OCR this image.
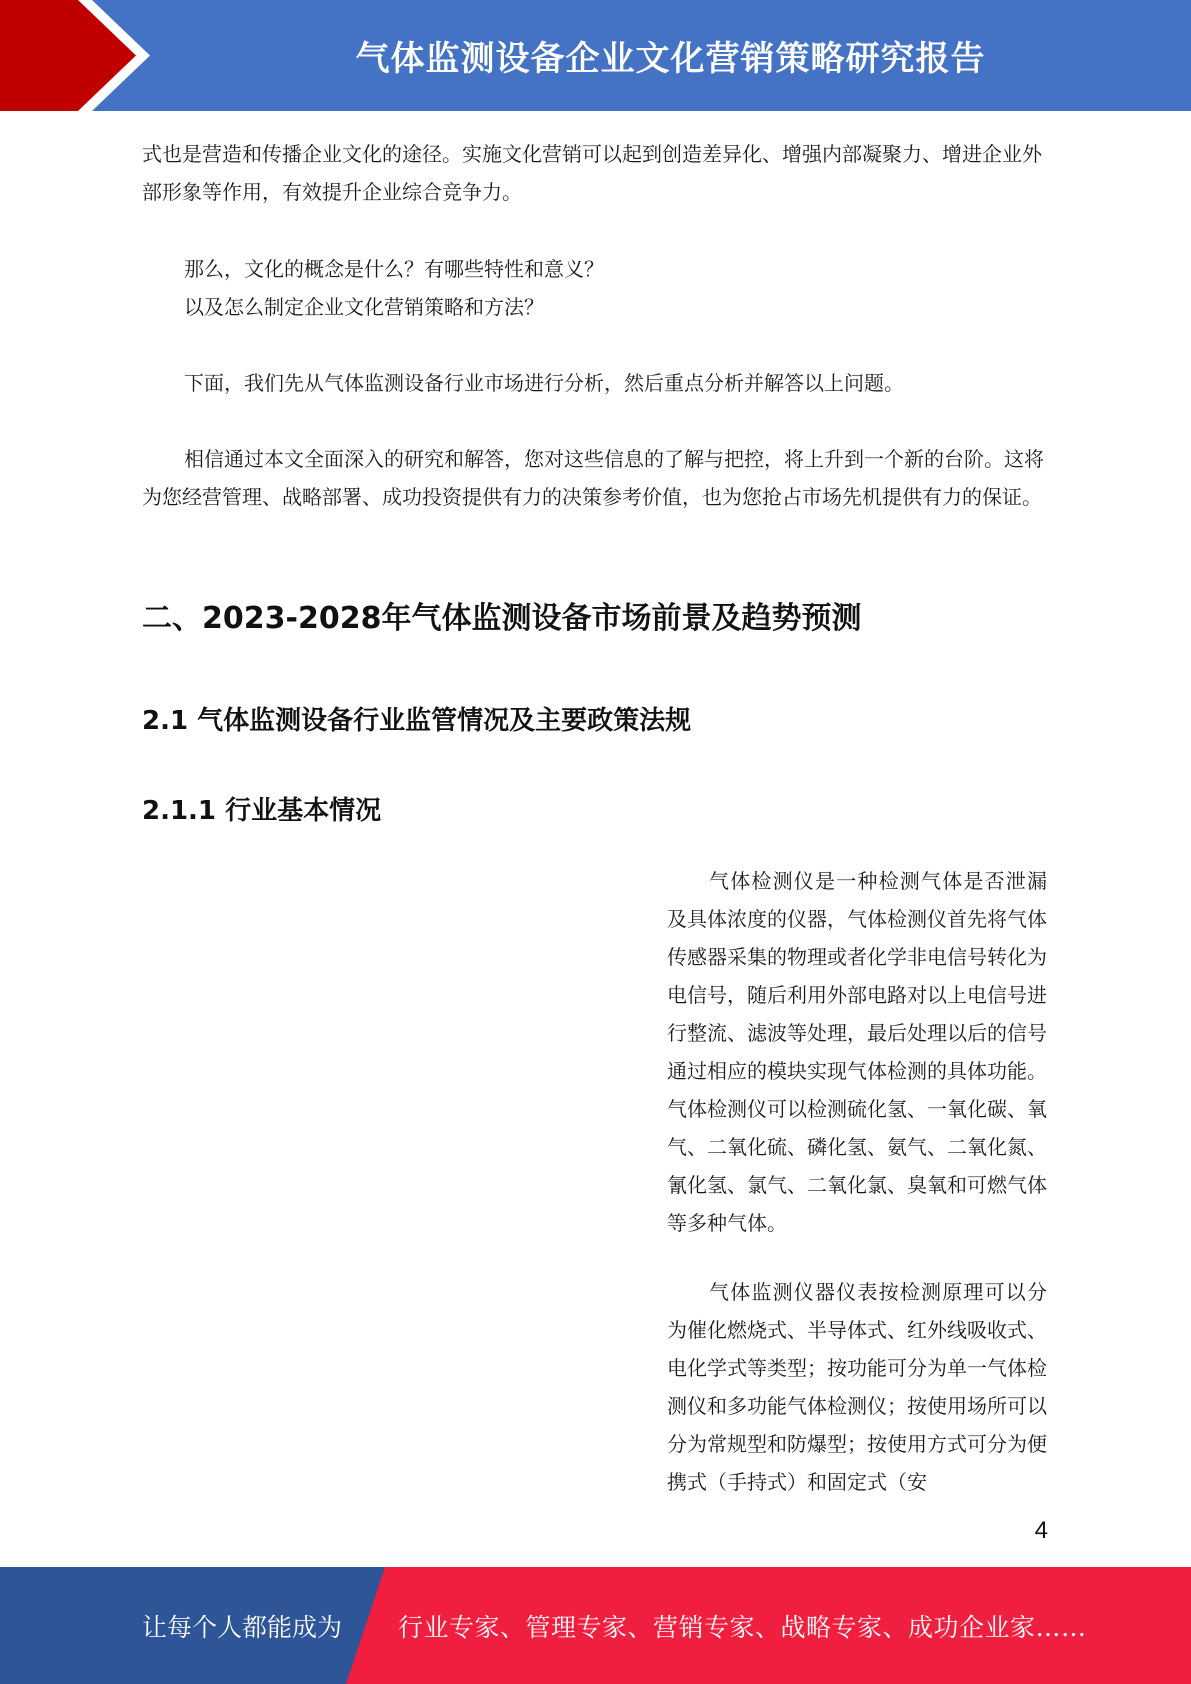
气体监测设备企业文化营销策略研究报告

式也是营造和传播企业文化的途径。实施文化营销可以起到创造差异化、增强内部凝聚力、增进企业外部形象等作用，有效提升企业综合竞争力。

那么，文化的概念是什么？有哪些特性和意义？

以及怎么制定企业文化营销策略和方法？

下面，我们先从气体监测设备行业市场进行分析，然后重点分析并解答以上问题。

相信通过本文全面深入的研究和解答，您对这些信息的了解与把控，将上升到一个新的台阶。这将为您经营管理、战略部署、成功投资提供有力的决策参考价值，也为您抢占市场先机提供有力的保证。

二、2023-2028年气体监测设备市场前景及趋势预测
2.1 气体监测设备行业监管情况及主要政策法规
2.1.1 行业基本情况

气体检测仪是一种检测气体是否泄漏及具体浓度的仪器，气体检测仪首先将气体传感器采集的物理或者化学非电信号转化为电信号，随后利用外部电路对以上电信号进行整流、滤波等处理，最后处理以后的信号通过相应的模块实现气体检测的具体功能。气体检测仪可以检测硫化氢、一氧化碳、氧气、二氧化硫、磷化氢、氨气、二氧化氮、氰化氢、氯气、二氧化氯、臭氧和可燃气体等多种气体。

气体监测仪器仪表按检测原理可以分为催化燃烧式、半导体式、红外线吸收式、电化学式等类型；按功能可分为单一气体检测仪和多功能气体检测仪；按使用场所可以分为常规型和防爆型；按使用方式可分为便携式（手持式）和固定式（安

4
让每个人都能成为 行业专家、管理专家、营销专家、战略专家、成功企业家……
